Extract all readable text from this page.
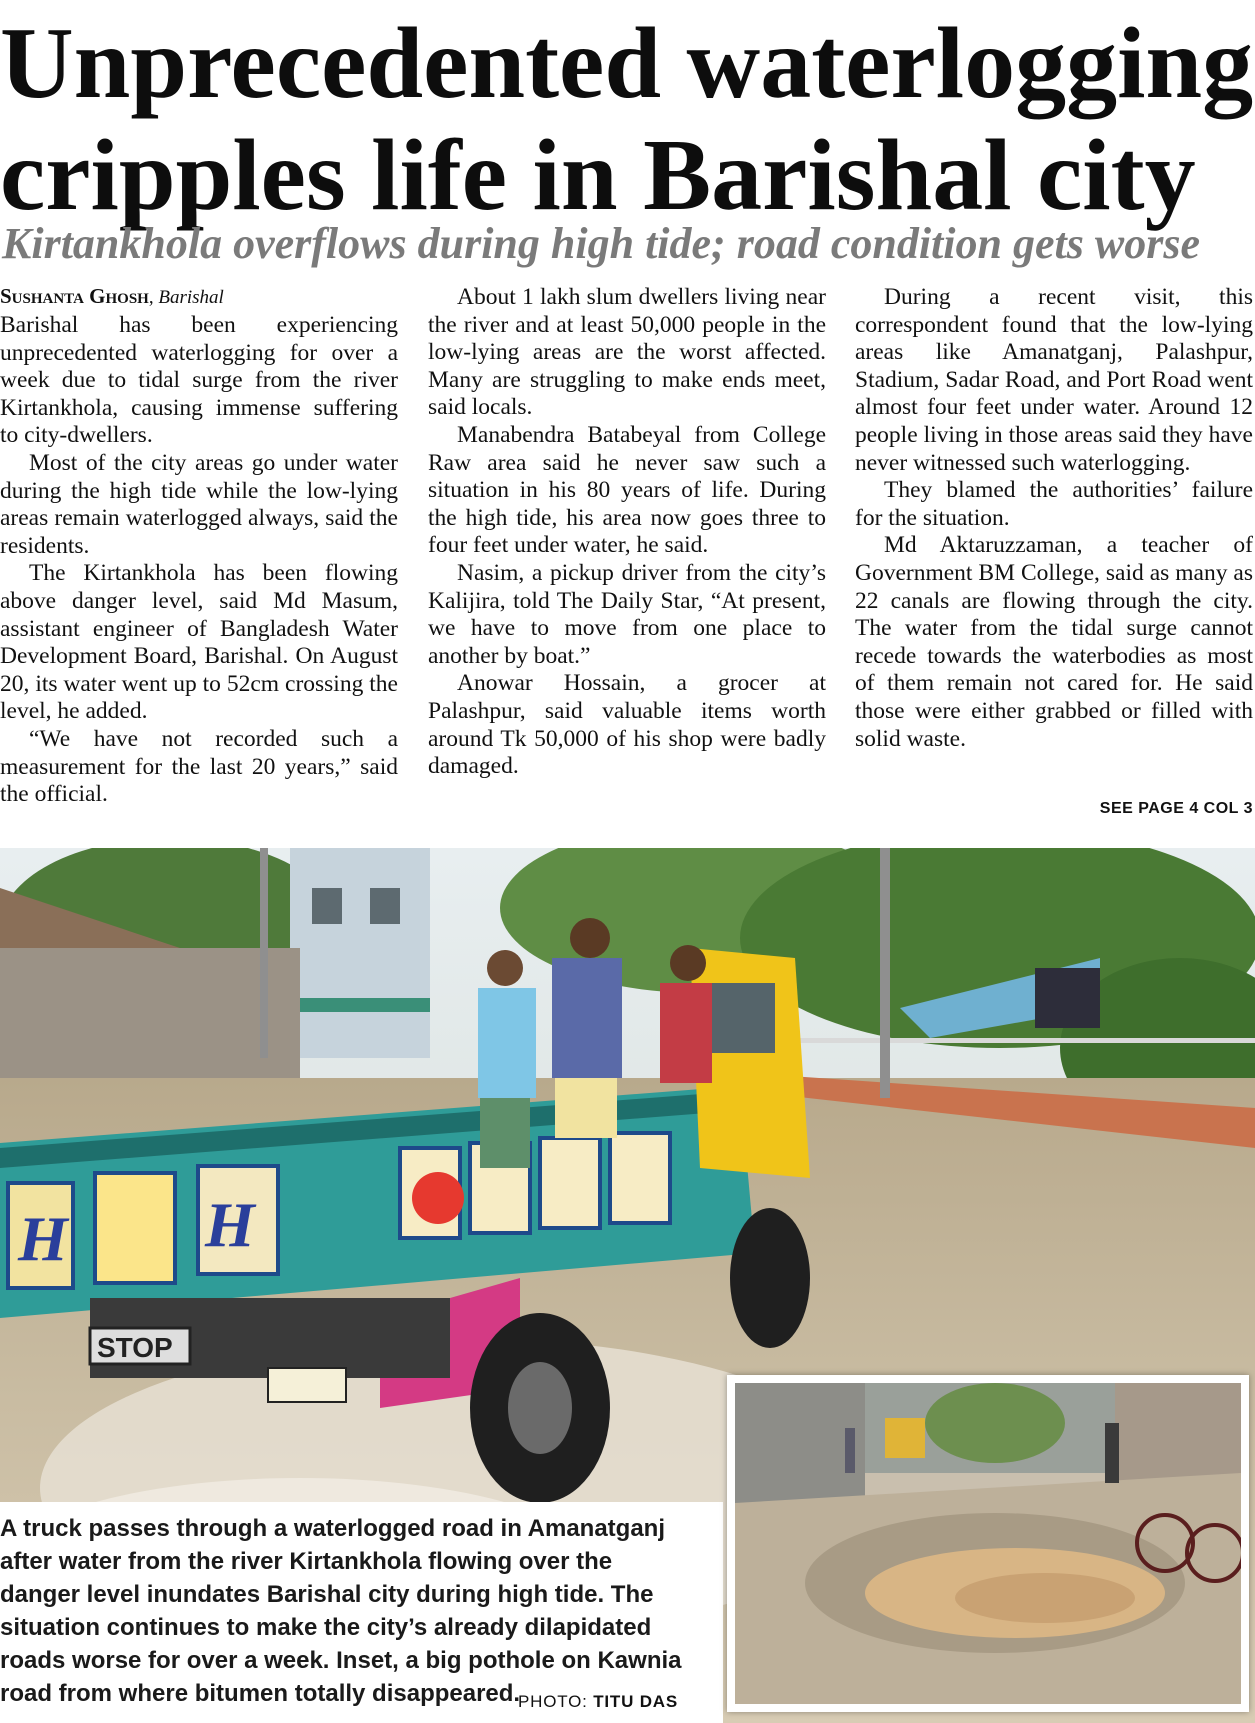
Unprecedented waterlogging cripples life in Barishal city
Kirtankhola overflows during high tide; road condition gets worse

Sushanta Ghosh, Barishal

Barishal has been experiencing unprecedented waterlogging for over a week due to tidal surge from the river Kirtankhola, causing immense suffering to city-dwellers.

Most of the city areas go under water during the high tide while the low-lying areas remain waterlogged always, said the residents.

The Kirtankhola has been flowing above danger level, said Md Masum, assistant engineer of Bangladesh Water Development Board, Barishal. On August 20, its water went up to 52cm crossing the level, he added.

“We have not recorded such a measurement for the last 20 years,” said the official.

About 1 lakh slum dwellers living near the river and at least 50,000 people in the low-lying areas are the worst affected. Many are struggling to make ends meet, said locals.

Manabendra Batabeyal from College Raw area said he never saw such a situation in his 80 years of life. During the high tide, his area now goes three to four feet under water, he said.

Nasim, a pickup driver from the city’s Kalijira, told The Daily Star, “At present, we have to move from one place to another by boat.”

Anowar Hossain, a grocer at Palashpur, said valuable items worth around Tk 50,000 of his shop were badly damaged.

During a recent visit, this correspondent found that the low-lying areas like Amanatganj, Palashpur, Stadium, Sadar Road, and Port Road went almost four feet under water. Around 12 people living in those areas said they have never witnessed such waterlogging.

They blamed the authorities’ failure for the situation.

Md Aktaruzzaman, a teacher of Government BM College, said as many as 22 canals are flowing through the city. The water from the tidal surge cannot recede towards the waterbodies as most of them remain not cared for. He said those were either grabbed or filled with solid waste.

SEE PAGE 4 COL 3
H H
STOP

A truck passes through a waterlogged road in Amanatganj after water from the river Kirtankhola flowing over the danger level inundates Barishal city during high tide. The situation continues to make the city’s already dilapidated roads worse for over a week. Inset, a big pothole on Kawnia road from where bitumen totally disappeared.

PHOTO: TITU DAS
